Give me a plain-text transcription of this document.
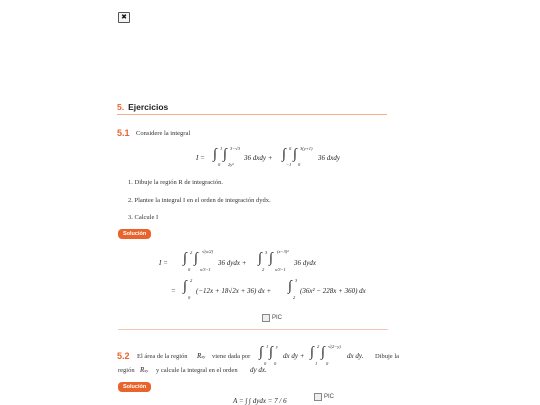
✖
5. Ejercicios
5.1 Considere la integral
I = ∫ 1
0
∫ 3−√3
2y²
36 dxdy + ∫ 0
−1
∫ 3(y+1)
0
36 dxdy
1. Dibuje la región R de integración.
2. Plantee la integral I en el orden de integración dydx.
3. Calcule I
Solución
I = ∫ 2
0
∫ √(x/2)
x/3−1
36 dydx + ∫ 3
2
∫ (x−3)²
x/3−1
36 dydx
= ∫ 2
0
(−12x + 18√2x + 36) dx + ∫ 3
2
(36x² − 228x + 360) dx
PIC
5.2 El área de la región Rxy viene dada por ∫ 1
0
∫ y
0
dx dy + ∫ 2
1
∫ √(2−y)
0
dx dy. Dibuje la
región Rxy y calcule la integral en el orden dy dx.
Solución
A = ∫ ∫ dydx = 7 / 6	PIC
